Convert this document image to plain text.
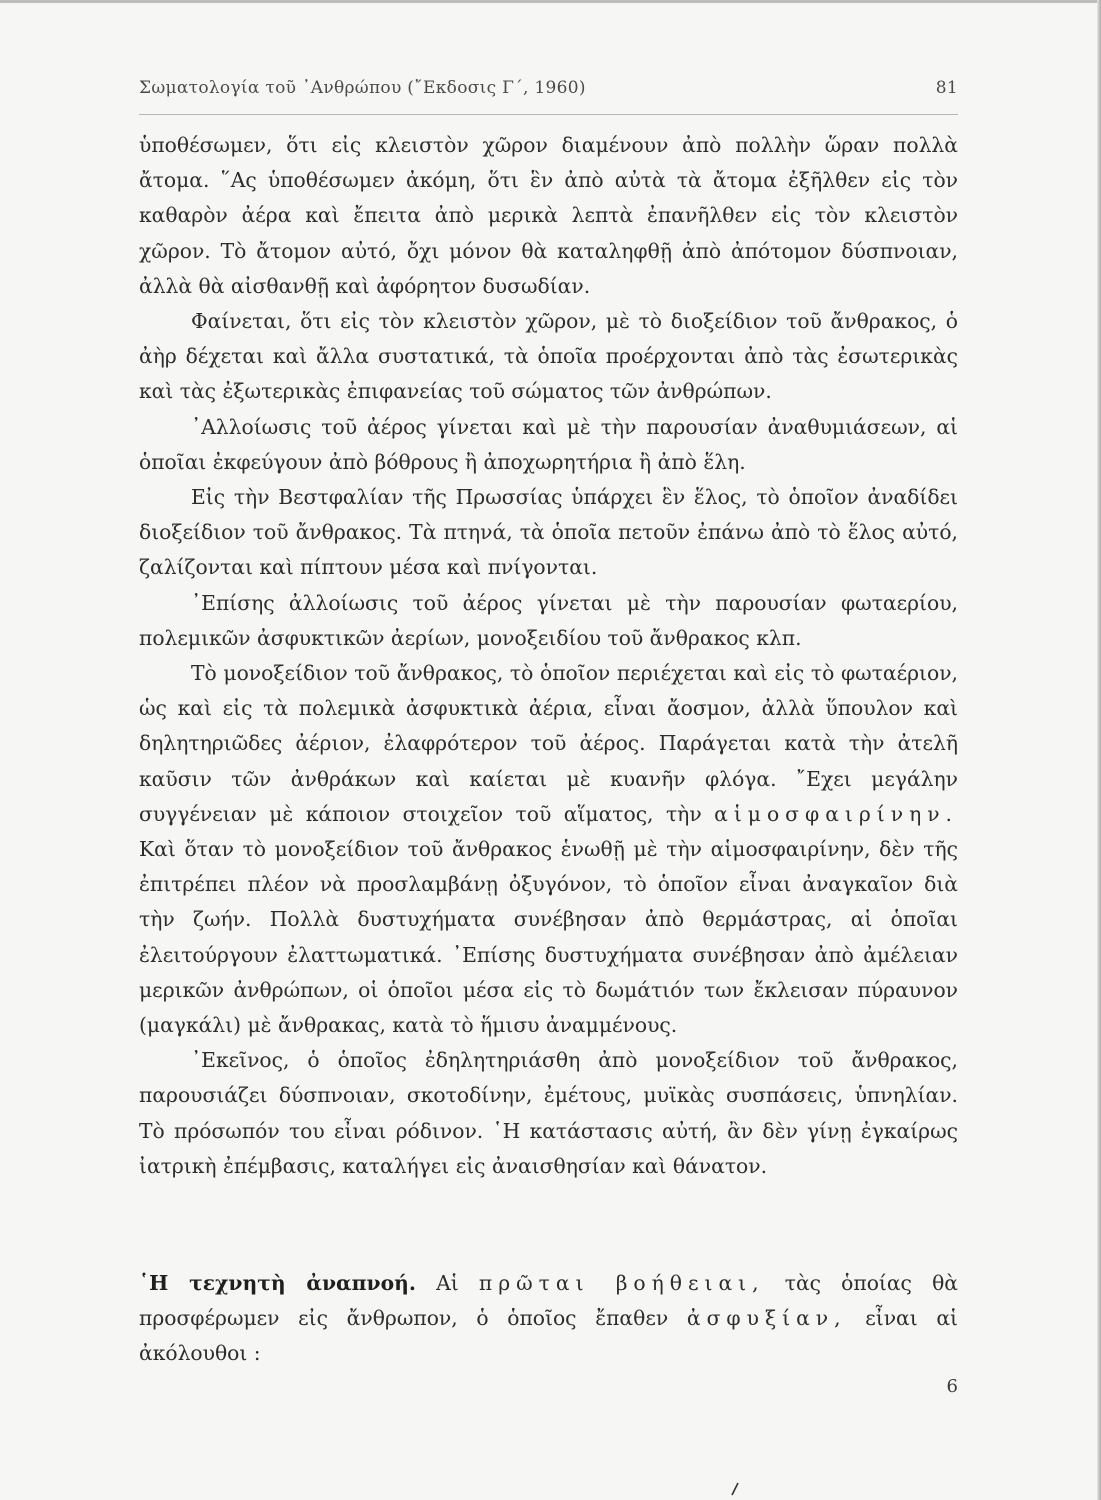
Σωματολογία τοῦ ᾽Ανθρώπου (῎Εκδοσις Γ΄, 1960)	81

ὑποθέσωμεν, ὅτι εἰς κλειστὸν χῶρον διαμένουν ἀπὸ πολλὴν ὥραν πολλὰ ἄτομα. ῞Ας ὑποθέσωμεν ἀκόμη, ὅτι ἓν ἀπὸ αὐτὰ τὰ ἄτομα ἐξῆλθεν εἰς τὸν καθαρὸν ἀέρα καὶ ἔπειτα ἀπὸ μερικὰ λεπτὰ ἐπανῆλθεν εἰς τὸν κλειστὸν χῶρον. Τὸ ἄτομον αὐτό, ὄχι μόνον θὰ καταληφθῇ ἀπὸ ἀπότομον δύσπνοιαν, ἀλλὰ θὰ αἰσθανθῇ καὶ ἀφόρητον δυσωδίαν.

Φαίνεται, ὅτι εἰς τὸν κλειστὸν χῶρον, μὲ τὸ διοξείδιον τοῦ ἄνθρακος, ὁ ἀὴρ δέχεται καὶ ἄλλα συστατικά, τὰ ὁποῖα προέρχονται ἀπὸ τὰς ἐσωτερικὰς καὶ τὰς ἐξωτερικὰς ἐπιφανείας τοῦ σώματος τῶν ἀνθρώπων.

᾽Αλλοίωσις τοῦ ἀέρος γίνεται καὶ μὲ τὴν παρουσίαν ἀναθυμιάσεων, αἱ ὁποῖαι ἐκφεύγουν ἀπὸ βόθρους ἢ ἀποχωρητήρια ἢ ἀπὸ ἕλη.

Εἰς τὴν Βεστφαλίαν τῆς Πρωσσίας ὑπάρχει ἓν ἕλος, τὸ ὁποῖον ἀναδίδει διοξείδιον τοῦ ἄνθρακος. Τὰ πτηνά, τὰ ὁποῖα πετοῦν ἐπάνω ἀπὸ τὸ ἕλος αὐτό, ζαλίζονται καὶ πίπτουν μέσα καὶ πνίγονται.

᾽Επίσης ἀλλοίωσις τοῦ ἀέρος γίνεται μὲ τὴν παρουσίαν φωταερίου, πολεμικῶν ἀσφυκτικῶν ἀερίων, μονοξειδίου τοῦ ἄνθρακος κλπ.

Τὸ μονοξείδιον τοῦ ἄνθρακος, τὸ ὁποῖον περιέχεται καὶ εἰς τὸ φωταέριον, ὡς καὶ εἰς τὰ πολεμικὰ ἀσφυκτικὰ ἀέρια, εἶναι ἄοσμον, ἀλλὰ ὕπουλον καὶ δηλητηριῶδες ἀέριον, ἐλαφρότερον τοῦ ἀέρος. Παράγεται κατὰ τὴν ἀτελῆ καῦσιν τῶν ἀνθράκων καὶ καίεται μὲ κυανῆν φλόγα. ῎Εχει μεγάλην συγγένειαν μὲ κάποιον στοιχεῖον τοῦ αἵματος, τὴν αἱμοσφαιρίνην. Καὶ ὅταν τὸ μονοξείδιον τοῦ ἄνθρακος ἑνωθῇ μὲ τὴν αἱμοσφαιρίνην, δὲν τῆς ἐπιτρέπει πλέον νὰ προσλαμβάνῃ ὀξυγόνον, τὸ ὁποῖον εἶναι ἀναγκαῖον διὰ τὴν ζωήν. Πολλὰ δυστυχήματα συνέβησαν ἀπὸ θερμάστρας, αἱ ὁποῖαι ἐλειτούργουν ἐλαττωματικά. ᾽Επίσης δυστυχήματα συνέβησαν ἀπὸ ἀμέλειαν μερικῶν ἀνθρώπων, οἱ ὁποῖοι μέσα εἰς τὸ δωμάτιόν των ἔκλεισαν πύραυνον (μαγκάλι) μὲ ἄνθρακας, κατὰ τὸ ἥμισυ ἀναμμένους.

᾽Εκεῖνος, ὁ ὁποῖος ἐδηλητηριάσθη ἀπὸ μονοξείδιον τοῦ ἄνθρακος, παρουσιάζει δύσπνοιαν, σκοτοδίνην, ἐμέτους, μυϊκὰς συσπάσεις, ὑπνηλίαν. Τὸ πρόσωπόν του εἶναι ρόδινον. ῾Η κατάστασις αὐτή, ἂν δὲν γίνῃ ἐγκαίρως ἰατρικὴ ἐπέμβασις, καταλήγει εἰς ἀναισθησίαν καὶ θάνατον.

῾Η τεχνητὴ ἀναπνοή. Αἱ πρῶται βοήθειαι, τὰς ὁποίας θὰ προσφέρωμεν εἰς ἄνθρωπον, ὁ ὁποῖος ἔπαθεν ἀσφυξίαν, εἶναι αἱ ἀκόλουθοι :

6
